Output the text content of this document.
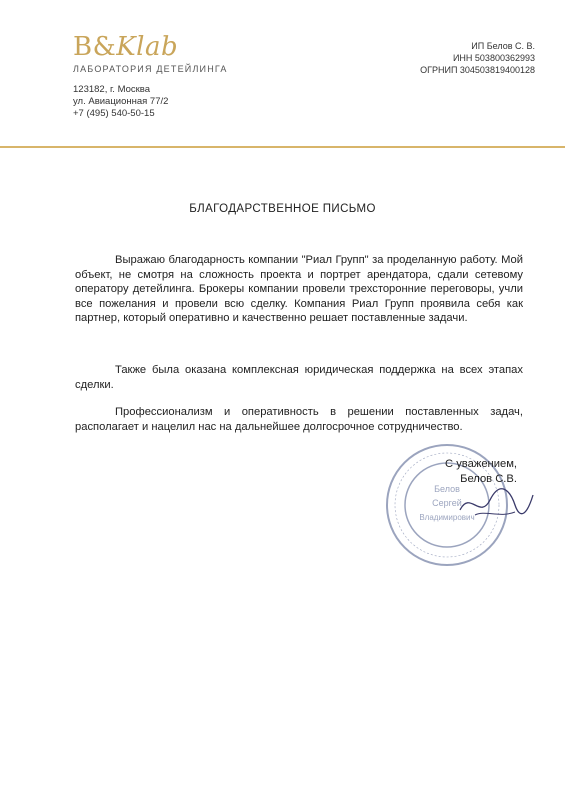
B&Klab
ЛАБОРАТОРИЯ ДЕТЕЙЛИНГА
123182, г. Москва
ул. Авиационная 77/2
+7 (495) 540-50-15
ИП Белов С. В.
ИНН 503800362993
ОГРНИП 304503819400128
БЛАГОДАРСТВЕННОЕ ПИСЬМО

Выражаю благодарность компании "Риал Групп" за проделанную работу. Мой объект, не смотря на сложность проекта и портрет арендатора, сдали сетевому оператору детейлинга. Брокеры компании провели трехсторонние переговоры, учли все пожелания и провели всю сделку. Компания Риал Групп проявила себя как партнер, который оперативно и качественно решает поставленные задачи.

Также была оказана комплексная юридическая поддержка на всех этапах сделки.

Профессионализм и оперативность в решении поставленных задач, располагает и нацелил нас на дальнейшее долгосрочное сотрудничество.

Белов
Сергей
Владимирович
С уважением,
Белов С.В.
